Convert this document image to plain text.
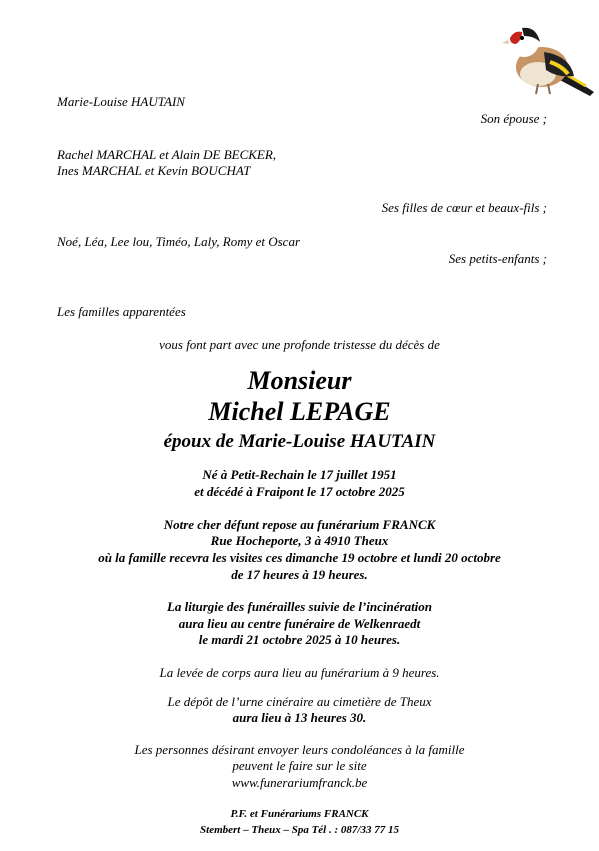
Marie-Louise HAUTAIN
Son épouse ;
Rachel MARCHAL et Alain DE BECKER,
Ines MARCHAL et Kevin BOUCHAT
Ses filles de cœur et beaux-fils ;
Noé, Léa, Lee lou, Timéo, Laly, Romy et Oscar
Ses petits-enfants ;
Les familles apparentées
vous font part avec une profonde tristesse du décès de
Monsieur
Michel LEPAGE
époux de Marie-Louise HAUTAIN
Né à Petit-Rechain le 17 juillet 1951
et décédé à Fraipont le 17 octobre 2025
Notre cher défunt repose au funérarium FRANCK
Rue Hocheporte, 3 à 4910 Theux
où la famille recevra les visites ces dimanche 19 octobre et lundi 20 octobre
de 17 heures à 19 heures.
La liturgie des funérailles suivie de l’incinération
aura lieu au centre funéraire de Welkenraedt
le mardi 21 octobre 2025 à 10 heures.
La levée de corps aura lieu au funérarium à 9 heures.
Le dépôt de l’urne cinéraire au cimetière de Theux
aura lieu à 13 heures 30.
Les personnes désirant envoyer leurs condoléances à la famille
peuvent le faire sur le site
www.funerariumfranck.be
P.F. et Funérariums FRANCK
Stembert – Theux – Spa Tél . : 087/33 77 15
